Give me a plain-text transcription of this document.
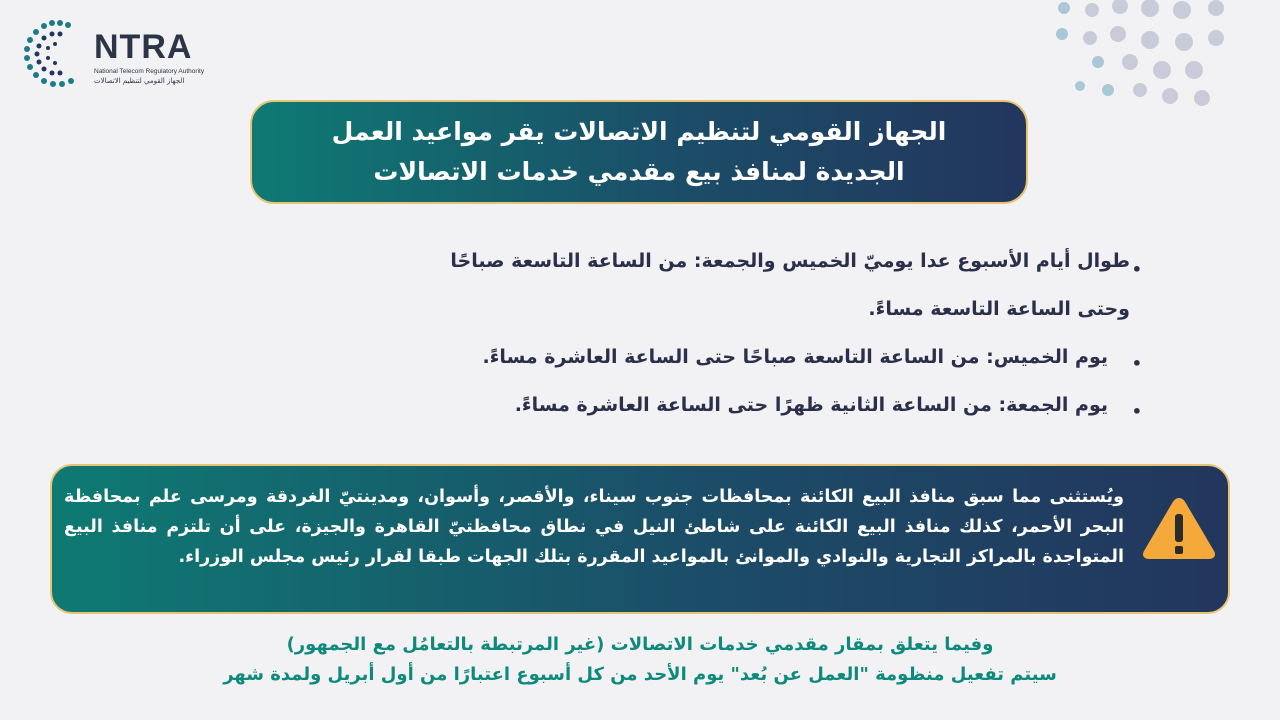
NTRA
National Telecom Regulatory Authority
الجهاز القومي لتنظيم الاتصالات
الجهاز القومي لتنظيم الاتصالات يقر مواعيد العمل
الجديدة لمنافذ بيع مقدمي خدمات الاتصالات
•
طوال أيام الأسبوع عدا يوميّ الخميس والجمعة: من الساعة التاسعة صباحًا
وحتى الساعة التاسعة مساءً.
•
يوم الخميس: من الساعة التاسعة صباحًا حتى الساعة العاشرة مساءً.
•
يوم الجمعة: من الساعة الثانية ظهرًا حتى الساعة العاشرة مساءً.
ويُستثنى مما سبق منافذ البيع الكائنة بمحافظات جنوب سيناء، والأقصر، وأسوان، ومدينتيّ الغردقة ومرسى علم بمحافظة البحر الأحمر، كذلك منافذ البيع الكائنة على شاطئ النيل في نطاق محافظتيّ القاهرة والجيزة، على أن تلتزم منافذ البيع المتواجدة بالمراكز التجارية والنوادي والموانئ بالمواعيد المقررة بتلك الجهات طبقا لقرار رئيس مجلس الوزراء.
وفيما يتعلق بمقار مقدمي خدمات الاتصالات (غير المرتبطة بالتعامُل مع الجمهور)
سيتم تفعيل منظومة "العمل عن بُعد" يوم الأحد من كل أسبوع اعتبارًا من أول أبريل ولمدة شهر
